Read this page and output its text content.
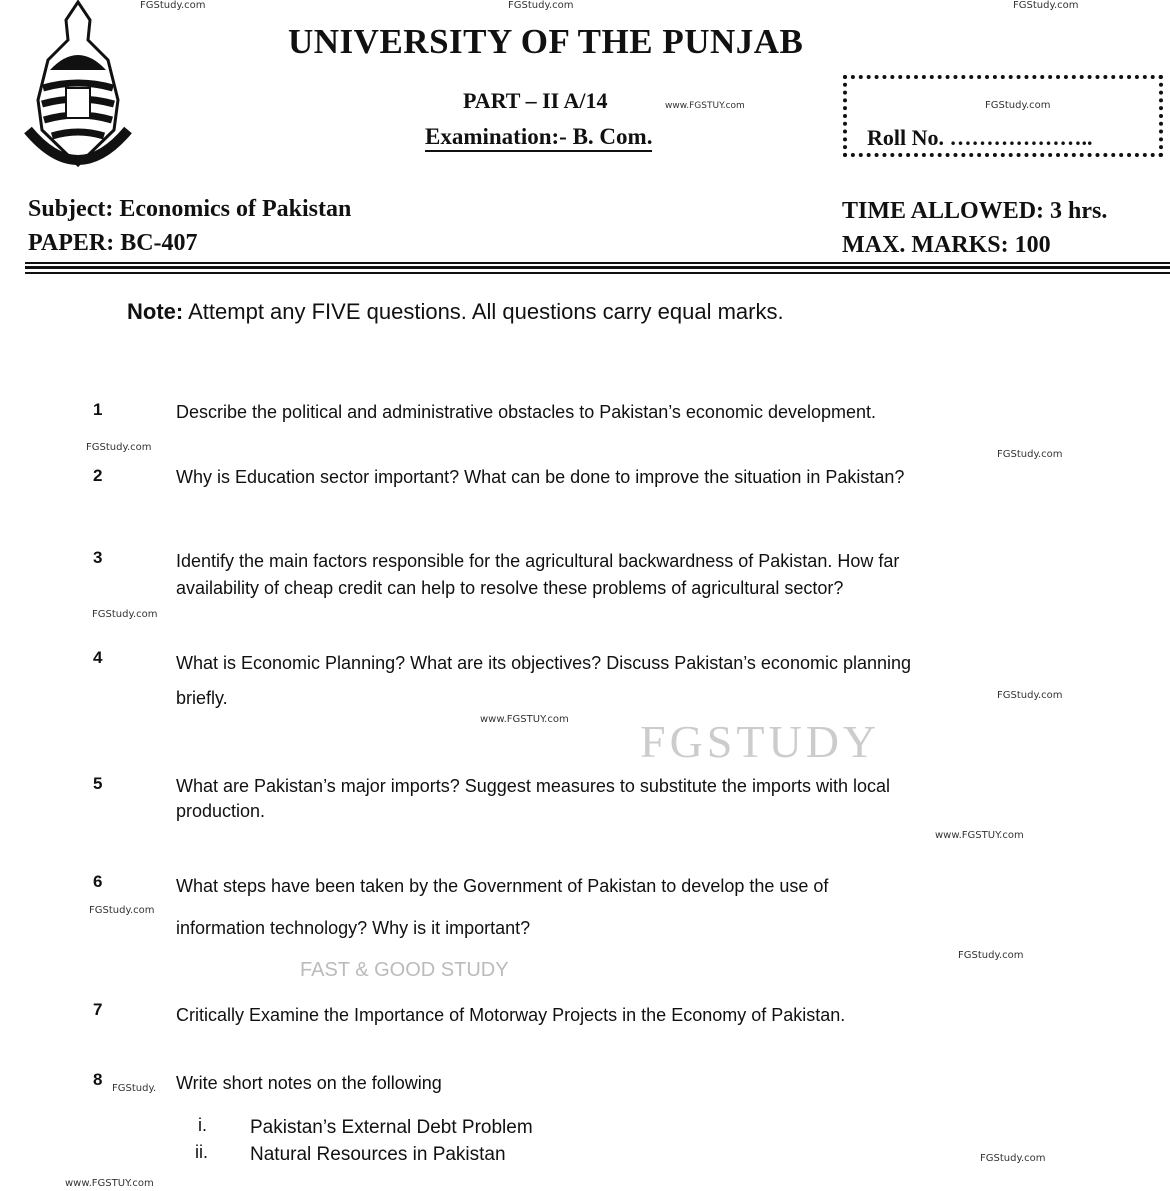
FGSTUDY
FAST & GOOD STUDY
UNIVERSITY OF THE PUNJAB
PART – II A/14
Examination:- B. Com.	Roll No. ………………..
Subject: Economics of Pakistan
PAPER: BC-407
TIME ALLOWED: 3 hrs.
MAX. MARKS: 100
Note: Attempt any FIVE questions. All questions carry equal marks.
1	Describe the political and administrative obstacles to Pakistan’s economic development.
2	Why is Education sector important? What can be done to improve the situation in Pakistan?
3	Identify the main factors responsible for the agricultural backwardness of Pakistan. How far
availability of cheap credit can help to resolve these problems of agricultural sector?
4	What is Economic Planning? What are its objectives? Discuss Pakistan’s economic planning
briefly.
5	What are Pakistan’s major imports? Suggest measures to substitute the imports with local
production.
6	What steps have been taken by the Government of Pakistan to develop the use of
information technology? Why is it important?
7	Critically Examine the Importance of Motorway Projects in the Economy of Pakistan.
8	Write short notes on the following
i. Pakistan’s External Debt Problem
ii. Natural Resources in Pakistan
FGStudy.com	FGStudy.com	FGStudy.com
www.FGSTUY.com	FGStudy.com
FGStudy.com
FGStudy.com
FGStudy.com
FGStudy.com
www.FGSTUY.com
www.FGSTUY.com
FGStudy.com
FGStudy.com
FGStudy.
FGStudy.com
www.FGSTUY.com
